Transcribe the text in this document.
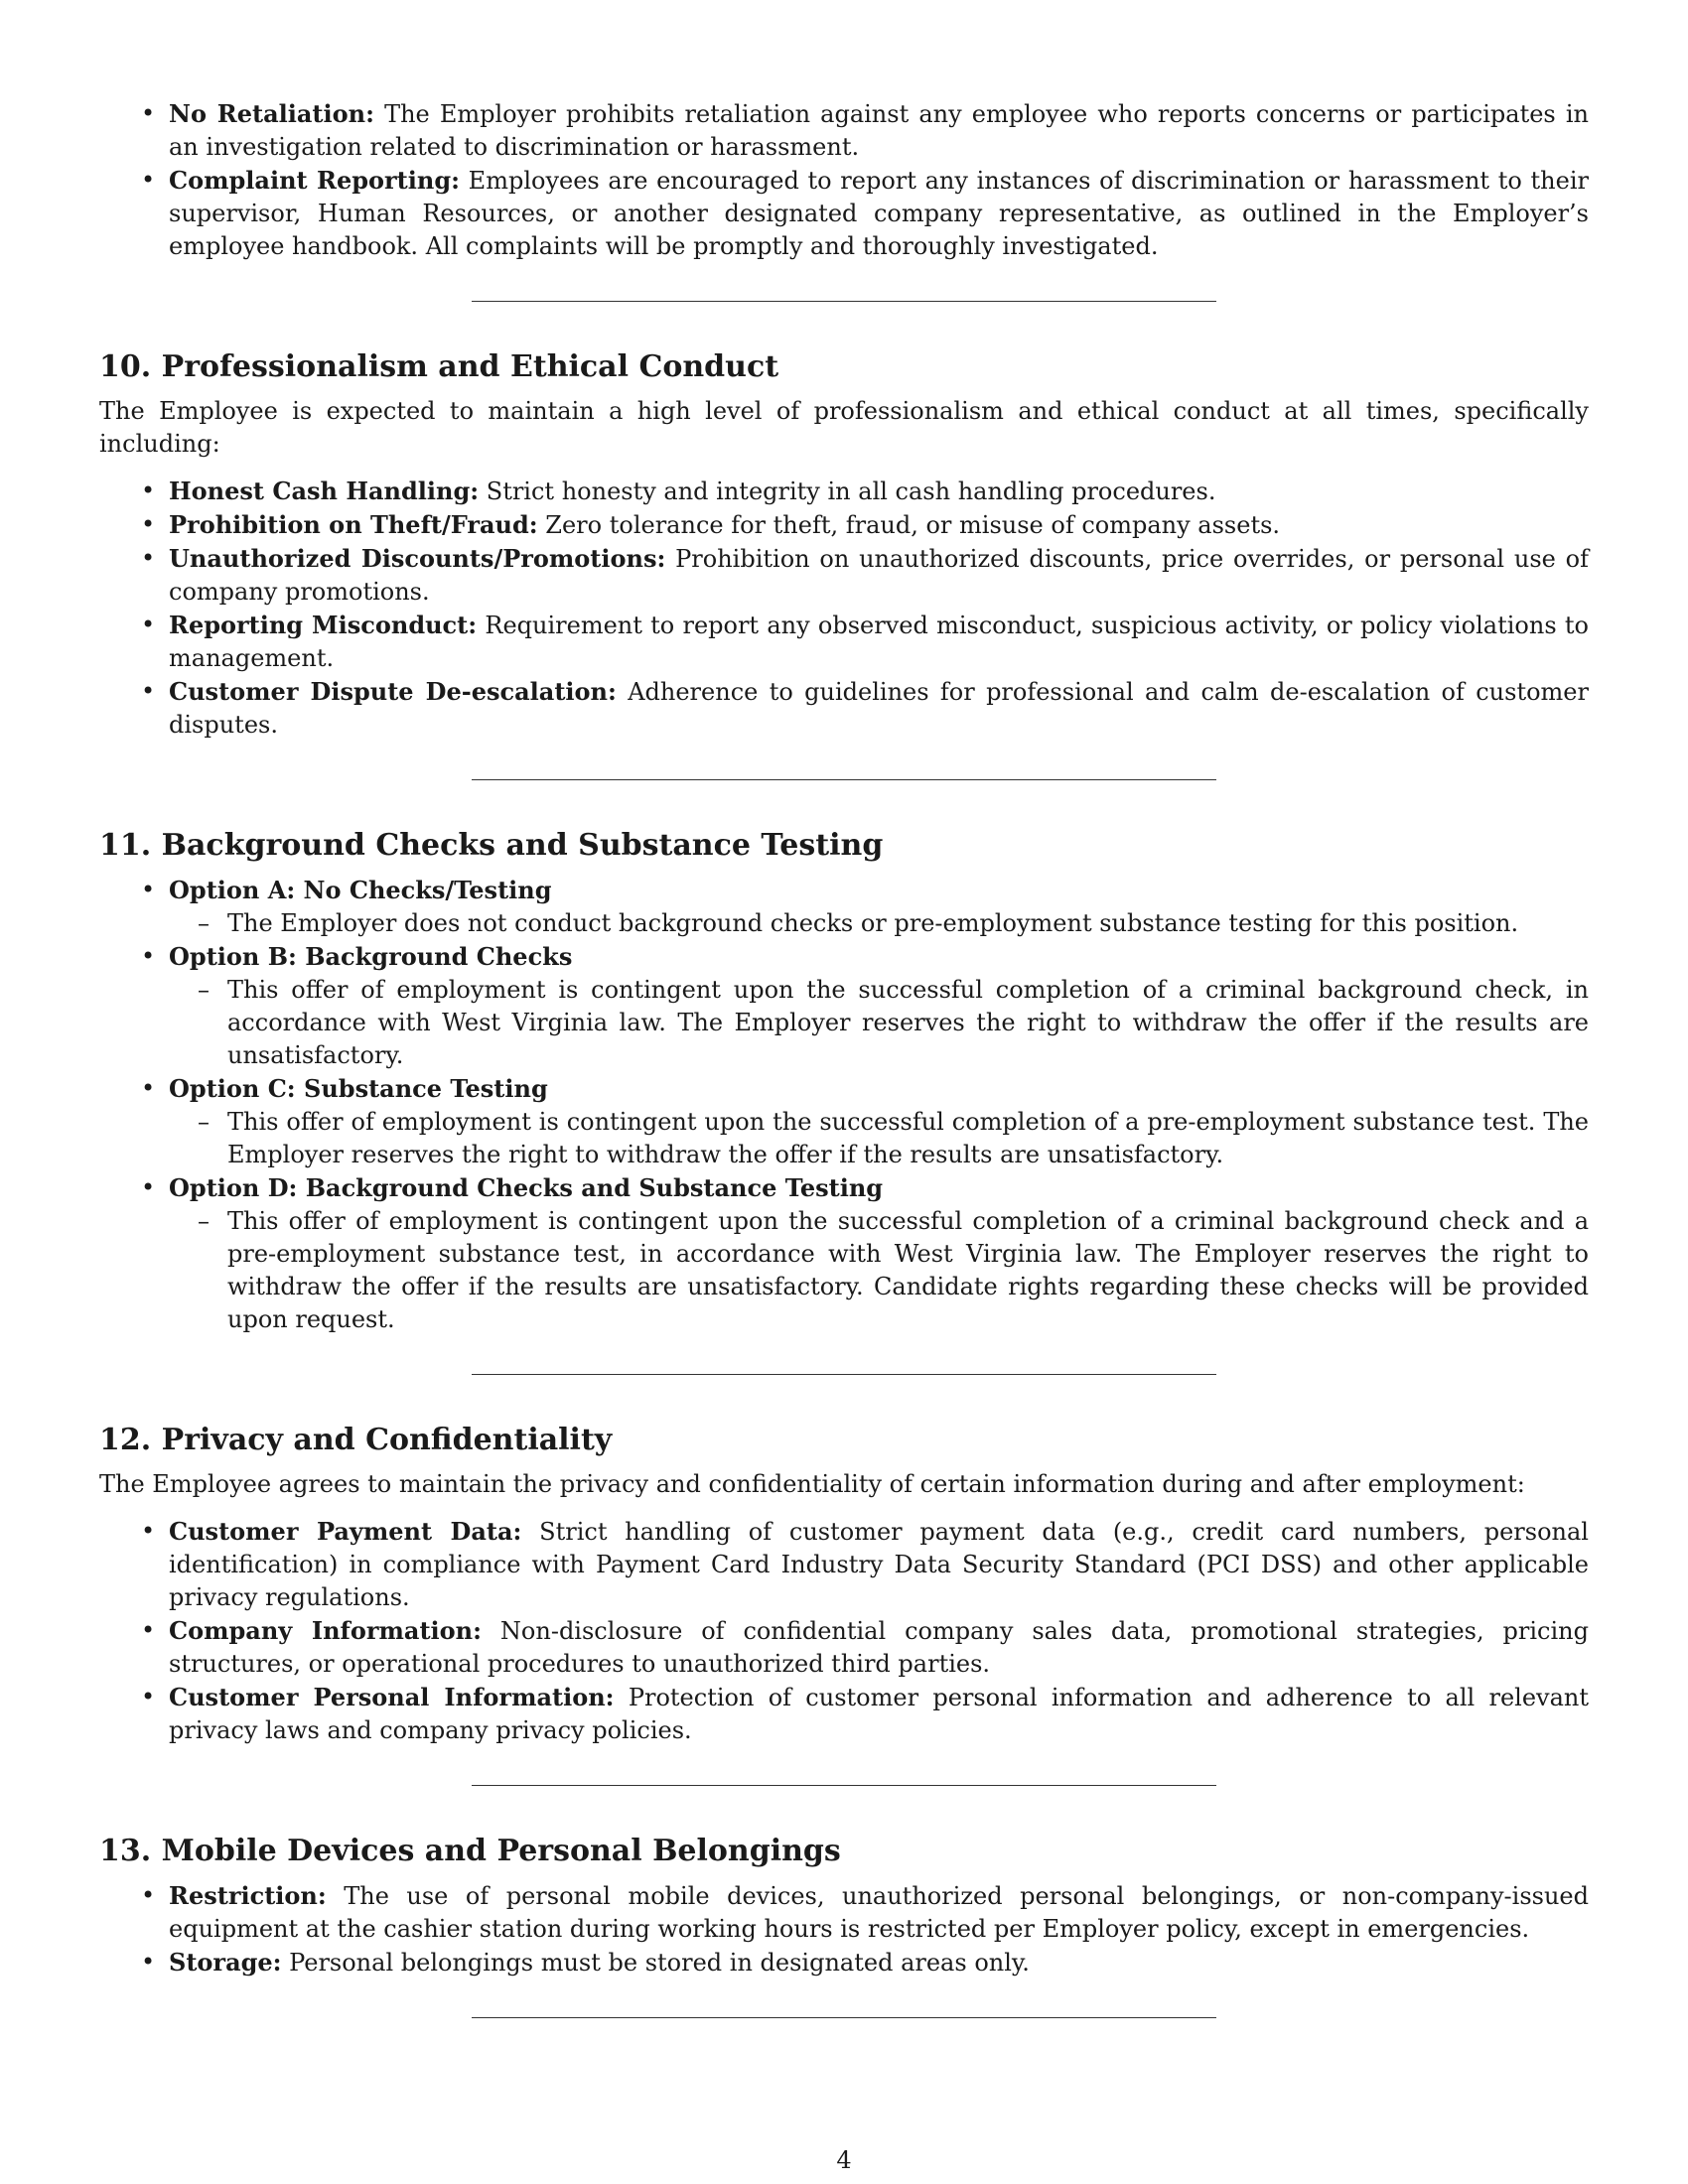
• No Retaliation: The Employer prohibits retaliation against any employee who reports concerns or participates in an investigation related to discrimination or harassment.
• Complaint Reporting: Employees are encouraged to report any instances of discrimination or harassment to their supervisor, Human Resources, or another designated company representative, as outlined in the Employer’s employee handbook. All complaints will be promptly and thoroughly investigated.
10. Professionalism and Ethical Conduct

The Employee is expected to maintain a high level of professionalism and ethical conduct at all times, specifically including:

• Honest Cash Handling: Strict honesty and integrity in all cash handling procedures.
• Prohibition on Theft/Fraud: Zero tolerance for theft, fraud, or misuse of company assets.
• Unauthorized Discounts/Promotions: Prohibition on unauthorized discounts, price overrides, or personal use of company promotions.
• Reporting Misconduct: Requirement to report any observed misconduct, suspicious activity, or policy violations to management.
• Customer Dispute De-escalation: Adherence to guidelines for professional and calm de-escalation of customer disputes.
11. Background Checks and Substance Testing
• Option A: No Checks/Testing
– The Employer does not conduct background checks or pre-employment substance testing for this position.
• Option B: Background Checks
– This offer of employment is contingent upon the successful completion of a criminal background check, in accordance with West Virginia law. The Employer reserves the right to withdraw the offer if the results are unsatisfactory.
• Option C: Substance Testing
– This offer of employment is contingent upon the successful completion of a pre-employment substance test. The Employer reserves the right to withdraw the offer if the results are unsatisfactory.
• Option D: Background Checks and Substance Testing
– This offer of employment is contingent upon the successful completion of a criminal background check and a pre-employment substance test, in accordance with West Virginia law. The Employer reserves the right to withdraw the offer if the results are unsatisfactory. Candidate rights regarding these checks will be provided upon request.
12. Privacy and Confidentiality

The Employee agrees to maintain the privacy and confidentiality of certain information during and after employment:

• Customer Payment Data: Strict handling of customer payment data (e.g., credit card numbers, personal identification) in compliance with Payment Card Industry Data Security Standard (PCI DSS) and other applicable privacy regulations.
• Company Information: Non-disclosure of confidential company sales data, promotional strategies, pricing structures, or operational procedures to unauthorized third parties.
• Customer Personal Information: Protection of customer personal information and adherence to all relevant privacy laws and company privacy policies.
13. Mobile Devices and Personal Belongings
• Restriction: The use of personal mobile devices, unauthorized personal belongings, or non-company-issued equipment at the cashier station during working hours is restricted per Employer policy, except in emergencies.
• Storage: Personal belongings must be stored in designated areas only.
4
